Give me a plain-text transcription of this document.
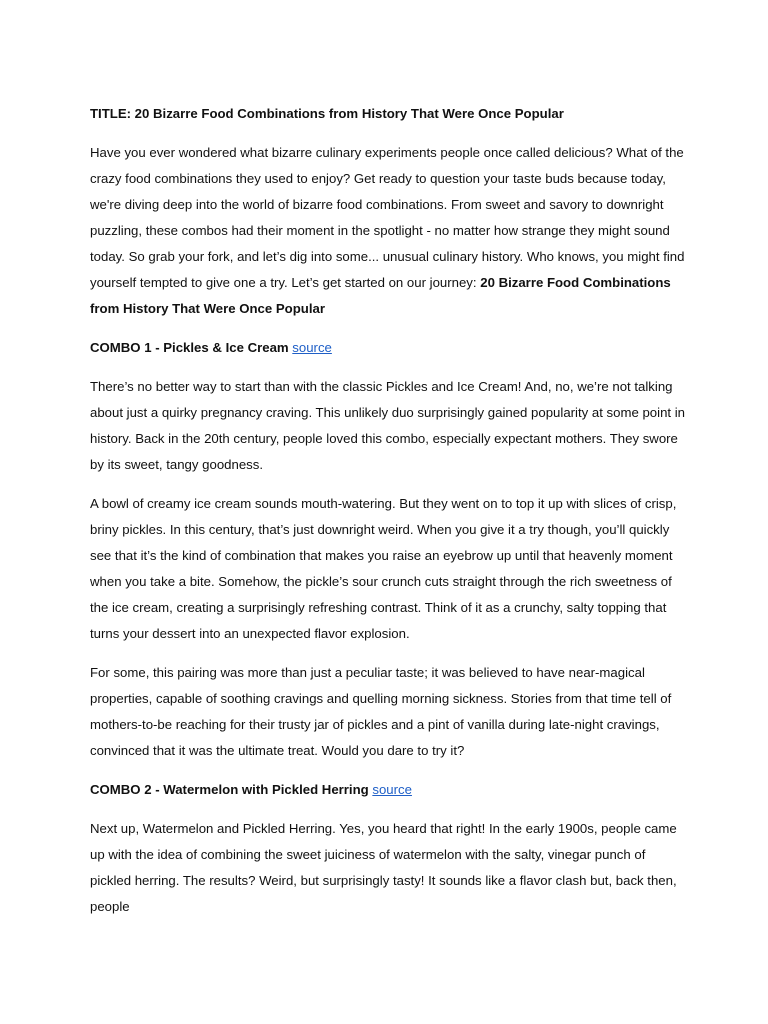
TITLE: 20 Bizarre Food Combinations from History That Were Once Popular

Have you ever wondered what bizarre culinary experiments people once called delicious? What of the crazy food combinations they used to enjoy? Get ready to question your taste buds because today, we're diving deep into the world of bizarre food combinations. From sweet and savory to downright puzzling, these combos had their moment in the spotlight - no matter how strange they might sound today. So grab your fork, and let’s dig into some... unusual culinary history. Who knows, you might find yourself tempted to give one a try. Let’s get started on our journey: 20 Bizarre Food Combinations from History That Were Once Popular

COMBO 1 - Pickles & Ice Cream source

There’s no better way to start than with the classic Pickles and Ice Cream! And, no, we’re not talking about just a quirky pregnancy craving. This unlikely duo surprisingly gained popularity at some point in history. Back in the 20th century, people loved this combo, especially expectant mothers. They swore by its sweet, tangy goodness.

A bowl of creamy ice cream sounds mouth-watering. But they went on to top it up with slices of crisp, briny pickles. In this century, that’s just downright weird. When you give it a try though, you’ll quickly see that it’s the kind of combination that makes you raise an eyebrow up until that heavenly moment when you take a bite. Somehow, the pickle’s sour crunch cuts straight through the rich sweetness of the ice cream, creating a surprisingly refreshing contrast. Think of it as a crunchy, salty topping that turns your dessert into an unexpected flavor explosion.

For some, this pairing was more than just a peculiar taste; it was believed to have near-magical properties, capable of soothing cravings and quelling morning sickness. Stories from that time tell of mothers-to-be reaching for their trusty jar of pickles and a pint of vanilla during late-night cravings, convinced that it was the ultimate treat. Would you dare to try it?

COMBO 2 - Watermelon with Pickled Herring source

Next up, Watermelon and Pickled Herring. Yes, you heard that right! In the early 1900s, people came up with the idea of combining the sweet juiciness of watermelon with the salty, vinegar punch of pickled herring. The results? Weird, but surprisingly tasty! It sounds like a flavor clash but, back then, people
